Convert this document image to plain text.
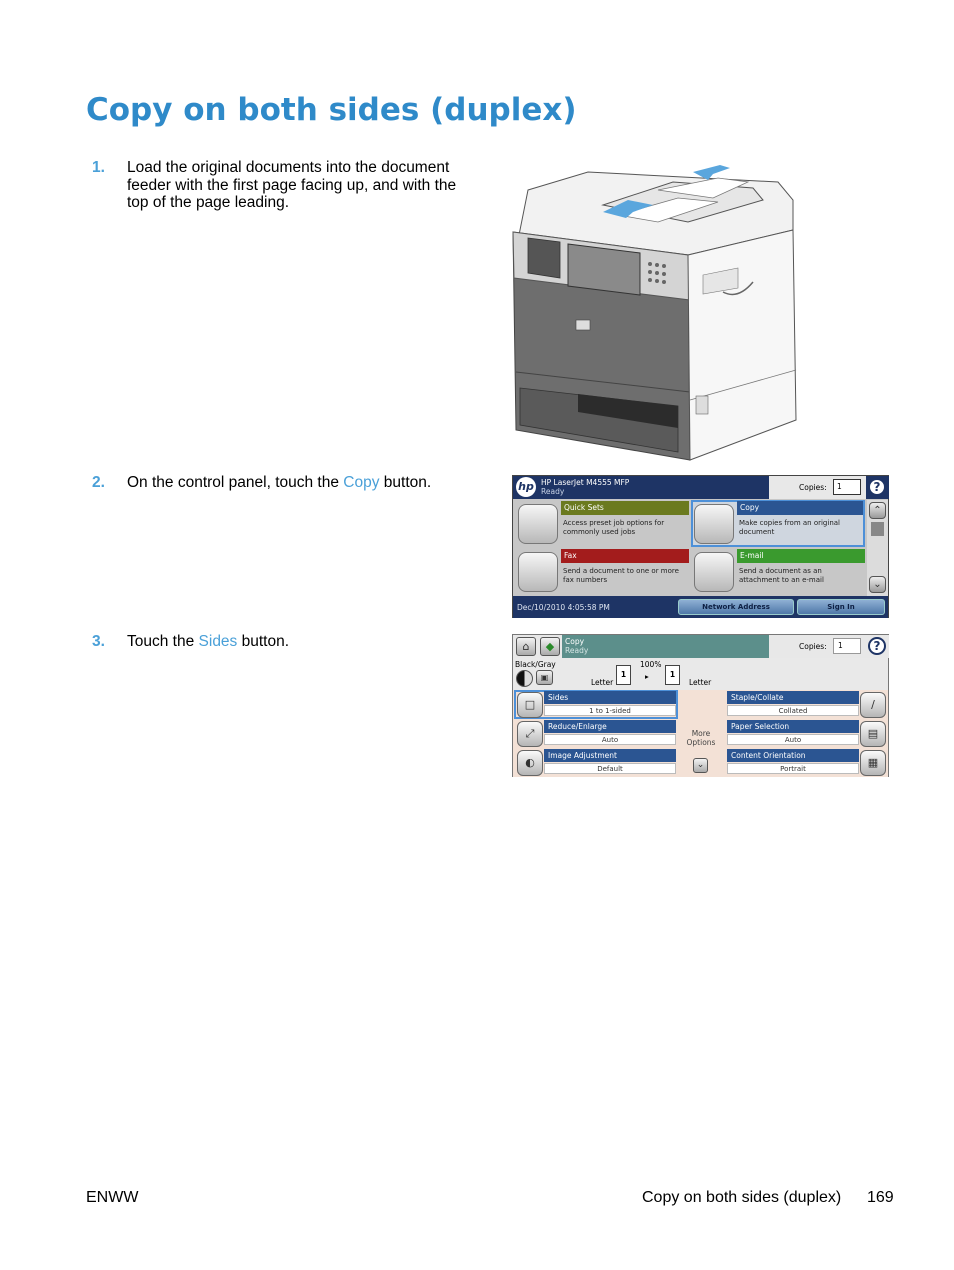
Copy on both sides (duplex)
1. Load the original documents into the document feeder with the first page facing up, and with the top of the page leading.
2. On the control panel, touch the Copy button.
3. Touch the Sides button.
hp HP LaserJet M4555 MFP
Ready	Copies:	1	?
Quick Sets
Access preset job options for commonly used jobs
Copy
Make copies from an original document
Fax
Send a document to one or more fax numbers
E-mail
Send a document as an attachment to an e-mail
⌃
⌄
Dec/10/2010 4:05:58 PM	Network Address	Sign In
⌂	◆	Copy
Ready	Copies:	1	?
Black/Gray
▣
100%
Letter
1	▸	1
Letter
□
Sides
1 to 1-sided
⤢
Reduce/Enlarge
Auto
◐
Image Adjustment
Default
More Options
⌄
Staple/Collate
Collated	∕
Paper Selection
Auto	▤
Content Orientation
Portrait	▦
ENWW	Copy on both sides (duplex) 169
